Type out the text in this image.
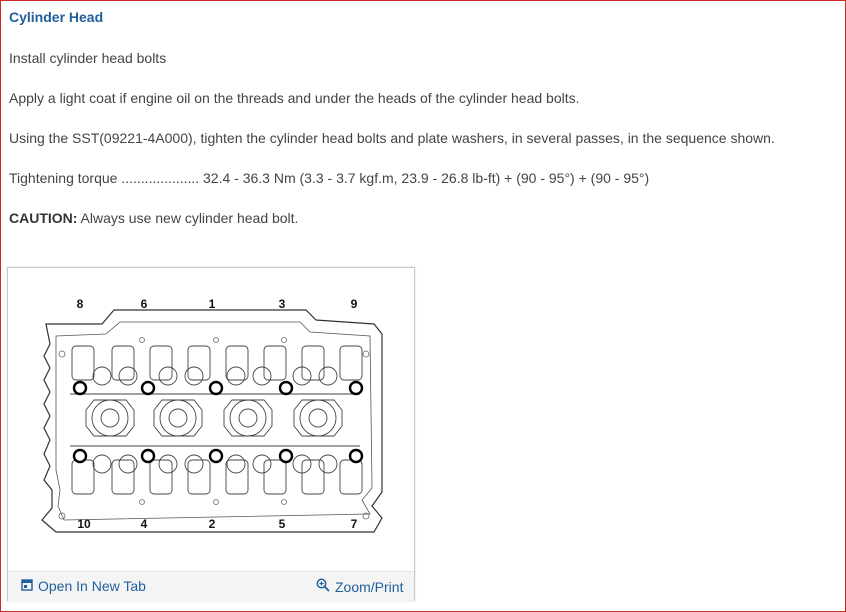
Cylinder Head
Install cylinder head bolts
Apply a light coat if engine oil on the threads and under the heads of the cylinder head bolts.
Using the SST(09221-4A000), tighten the cylinder head bolts and plate washers, in several passes, in the sequence shown.
Tightening torque .................... 32.4 - 36.3 Nm (3.3 - 3.7 kgf.m, 23.9 - 26.8 lb-ft) + (90 - 95°) + (90 - 95°)
CAUTION: Always use new cylinder head bolt.
8	6	1	3	9
10	4	2	5	7
Open In New Tab	Zoom/Print
